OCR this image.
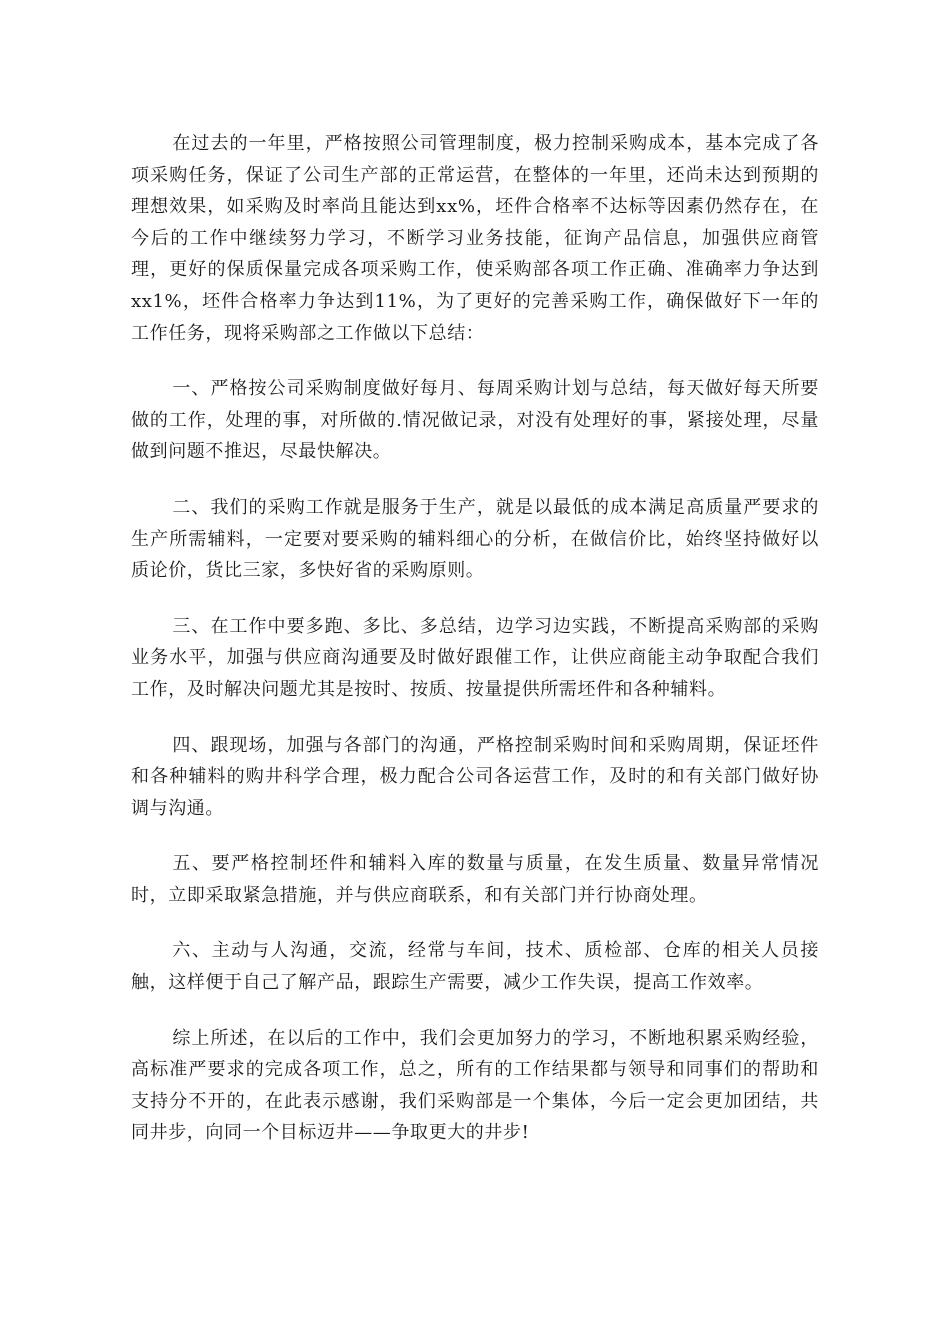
在过去的一年里，严格按照公司管理制度，极力控制采购成本，基本完成了各项采购任务，保证了公司生产部的正常运营，在整体的一年里，还尚未达到预期的理想效果，如采购及时率尚且能达到xx%，坯件合格率不达标等因素仍然存在，在今后的工作中继续努力学习，不断学习业务技能，征询产品信息，加强供应商管理，更好的保质保量完成各项采购工作，使采购部各项工作正确、准确率力争达到xx1%，坯件合格率力争达到11%，为了更好的完善采购工作，确保做好下一年的工作任务，现将采购部之工作做以下总结：

一、严格按公司采购制度做好每月、每周采购计划与总结，每天做好每天所要做的工作，处理的事，对所做的.情况做记录，对没有处理好的事，紧接处理，尽量做到问题不推迟，尽最快解决。

二、我们的采购工作就是服务于生产，就是以最低的成本满足高质量严要求的生产所需辅料，一定要对要采购的辅料细心的分析，在做信价比，始终坚持做好以质论价，货比三家，多快好省的采购原则。

三、在工作中要多跑、多比、多总结，边学习边实践，不断提高采购部的采购业务水平，加强与供应商沟通要及时做好跟催工作，让供应商能主动争取配合我们工作，及时解决问题尤其是按时、按质、按量提供所需坯件和各种辅料。

四、跟现场，加强与各部门的沟通，严格控制采购时间和采购周期，保证坯件和各种辅料的购井科学合理，极力配合公司各运营工作，及时的和有关部门做好协调与沟通。

五、要严格控制坯件和辅料入库的数量与质量，在发生质量、数量异常情况时，立即采取紧急措施，并与供应商联系，和有关部门并行协商处理。

六、主动与人沟通，交流，经常与车间，技术、质检部、仓库的相关人员接触，这样便于自己了解产品，跟踪生产需要，减少工作失误，提高工作效率。

综上所述，在以后的工作中，我们会更加努力的学习，不断地积累采购经验，高标准严要求的完成各项工作，总之，所有的工作结果都与领导和同事们的帮助和支持分不开的，在此表示感谢，我们采购部是一个集体，今后一定会更加团结，共同井步，向同一个目标迈井——争取更大的井步!
